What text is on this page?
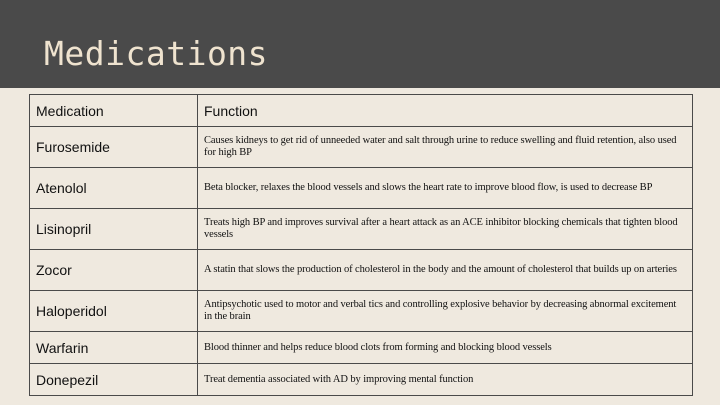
Medications
Medication	Function
Furosemide	Causes kidneys to get rid of unneeded water and salt through urine to reduce swelling and fluid retention, also used for high BP
Atenolol	Beta blocker, relaxes the blood vessels and slows the heart rate to improve blood flow, is used to decrease BP
Lisinopril	Treats high BP and improves survival after a heart attack as an ACE inhibitor blocking chemicals that tighten blood vessels
Zocor	A statin that slows the production of cholesterol in the body and the amount of cholesterol that builds up on arteries
Haloperidol	Antipsychotic used to motor and verbal tics and controlling explosive behavior by decreasing abnormal excitement in the brain
Warfarin	Blood thinner and helps reduce blood clots from forming and blocking blood vessels
Donepezil	Treat dementia associated with AD by improving mental function
